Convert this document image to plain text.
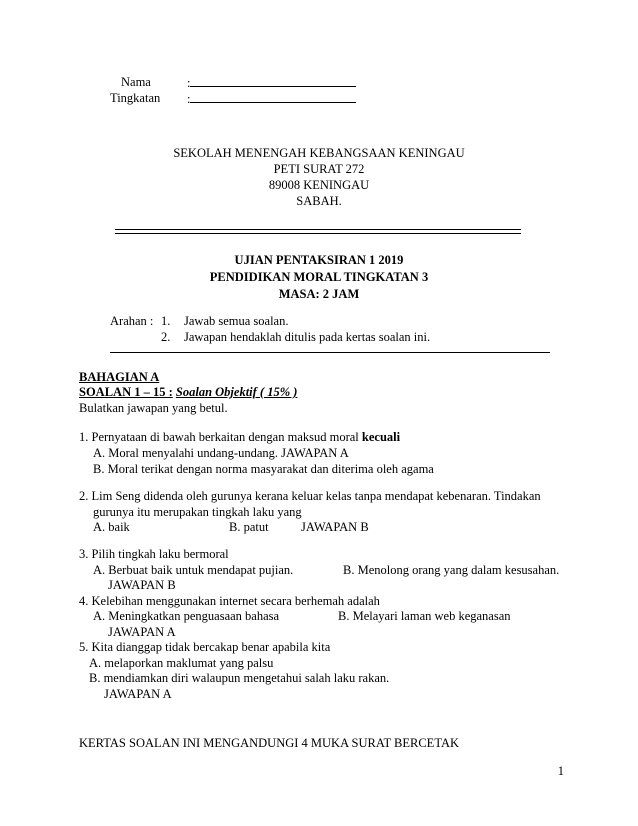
Nama	:
Tingkatan :
SEKOLAH MENENGAH KEBANGSAAN KENINGAU
PETI SURAT 272
89008 KENINGAU
SABAH.
UJIAN PENTAKSIRAN 1 2019
PENDIDIKAN MORAL TINGKATAN 3
MASA: 2 JAM
Arahan : 1. Jawab semua soalan.
2. Jawapan hendaklah ditulis pada kertas soalan ini.
BAHAGIAN A
SOALAN 1 – 15 : Soalan Objektif ( 15% )
Bulatkan jawapan yang betul.
1. Pernyataan di bawah berkaitan dengan maksud moral kecuali
A. Moral menyalahi undang-undang. JAWAPAN A
B. Moral terikat dengan norma masyarakat dan diterima oleh agama
2. Lim Seng didenda oleh gurunya kerana keluar kelas tanpa mendapat kebenaran. Tindakan
gurunya itu merupakan tingkah laku yang
A. baik	B. patut	JAWAPAN B
3. Pilih tingkah laku bermoral
A. Berbuat baik untuk mendapat pujian.	B. Menolong orang yang dalam kesusahan.
JAWAPAN B
4. Kelebihan menggunakan internet secara berhemah adalah
A. Meningkatkan penguasaan bahasa	B. Melayari laman web keganasan
JAWAPAN A
5. Kita dianggap tidak bercakap benar apabila kita
A. melaporkan maklumat yang palsu
B. mendiamkan diri walaupun mengetahui salah laku rakan.
JAWAPAN A
KERTAS SOALAN INI MENGANDUNGI 4 MUKA SURAT BERCETAK
1
